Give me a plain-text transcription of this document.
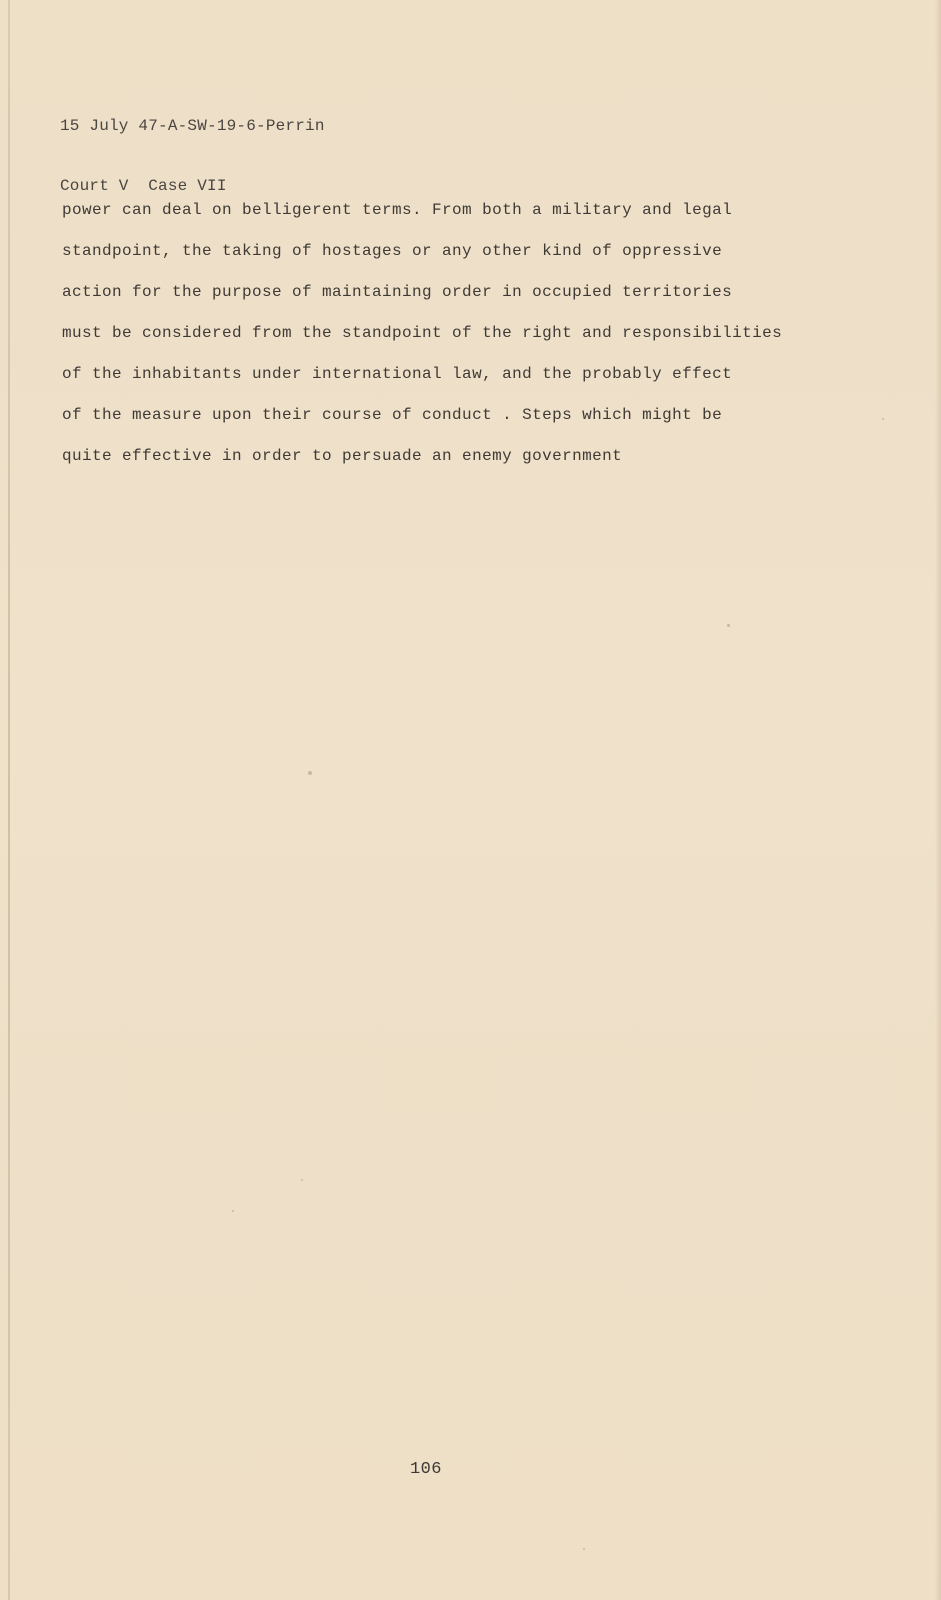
15 July 47-A-SW-19-6-Perrin

Court V  Case VII

power can deal on belligerent terms. From both a military and legal
standpoint, the taking of hostages or any other kind of oppressive
action for the purpose of maintaining order in occupied territories
must be considered from the standpoint of the right and responsibilities
of the inhabitants under international law, and the probably effect
of the measure upon their course of conduct . Steps which might be
quite effective in order to persuade an enemy government
106
